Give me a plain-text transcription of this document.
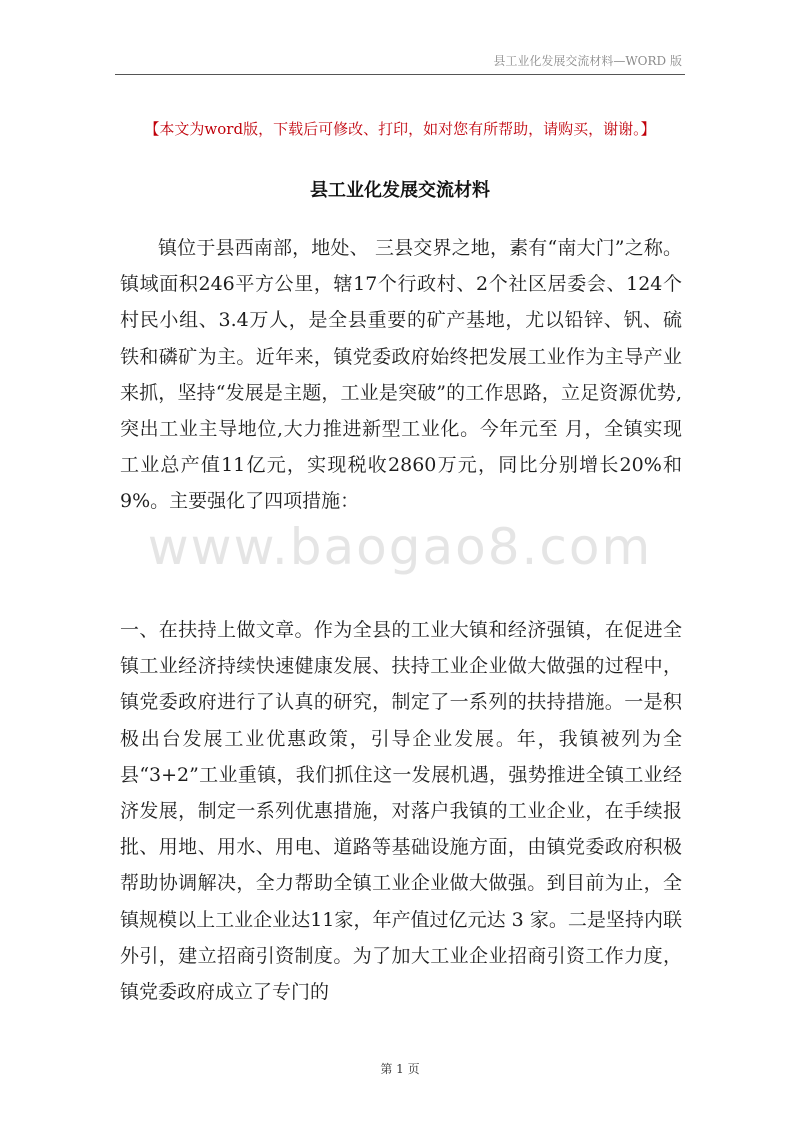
县工业化发展交流材料—WORD 版
【本文为word版，下载后可修改、打印，如对您有所帮助，请购买，谢谢。】
县工业化发展交流材料

镇位于县西南部，地处、 三县交界之地，素有“南大门”之称。镇域面积246平方公里，辖17个行政村、2个社区居委会、124个村民小组、3.4万人，是全县重要的矿产基地，尤以铅锌、钒、硫铁和磷矿为主。近年来，镇党委政府始终把发展工业作为主导产业来抓，坚持“发展是主题，工业是突破”的工作思路，立足资源优势, 突出工业主导地位,大力推进新型工业化。今年元至 月，全镇实现工业总产值11亿元，实现税收2860万元，同比分别增长20%和9%。主要强化了四项措施：

www.baogao8.com

一、在扶持上做文章。作为全县的工业大镇和经济强镇，在促进全镇工业经济持续快速健康发展、扶持工业企业做大做强的过程中，镇党委政府进行了认真的研究，制定了一系列的扶持措施。一是积极出台发展工业优惠政策，引导企业发展。年，我镇被列为全县“3+2”工业重镇，我们抓住这一发展机遇，强势推进全镇工业经济发展，制定一系列优惠措施，对落户我镇的工业企业，在手续报批、用地、用水、用电、道路等基础设施方面，由镇党委政府积极帮助协调解决，全力帮助全镇工业企业做大做强。到目前为止，全镇规模以上工业企业达11家，年产值过亿元达 3 家。二是坚持内联外引，建立招商引资制度。为了加大工业企业招商引资工作力度，镇党委政府成立了专门的

第 1 页
